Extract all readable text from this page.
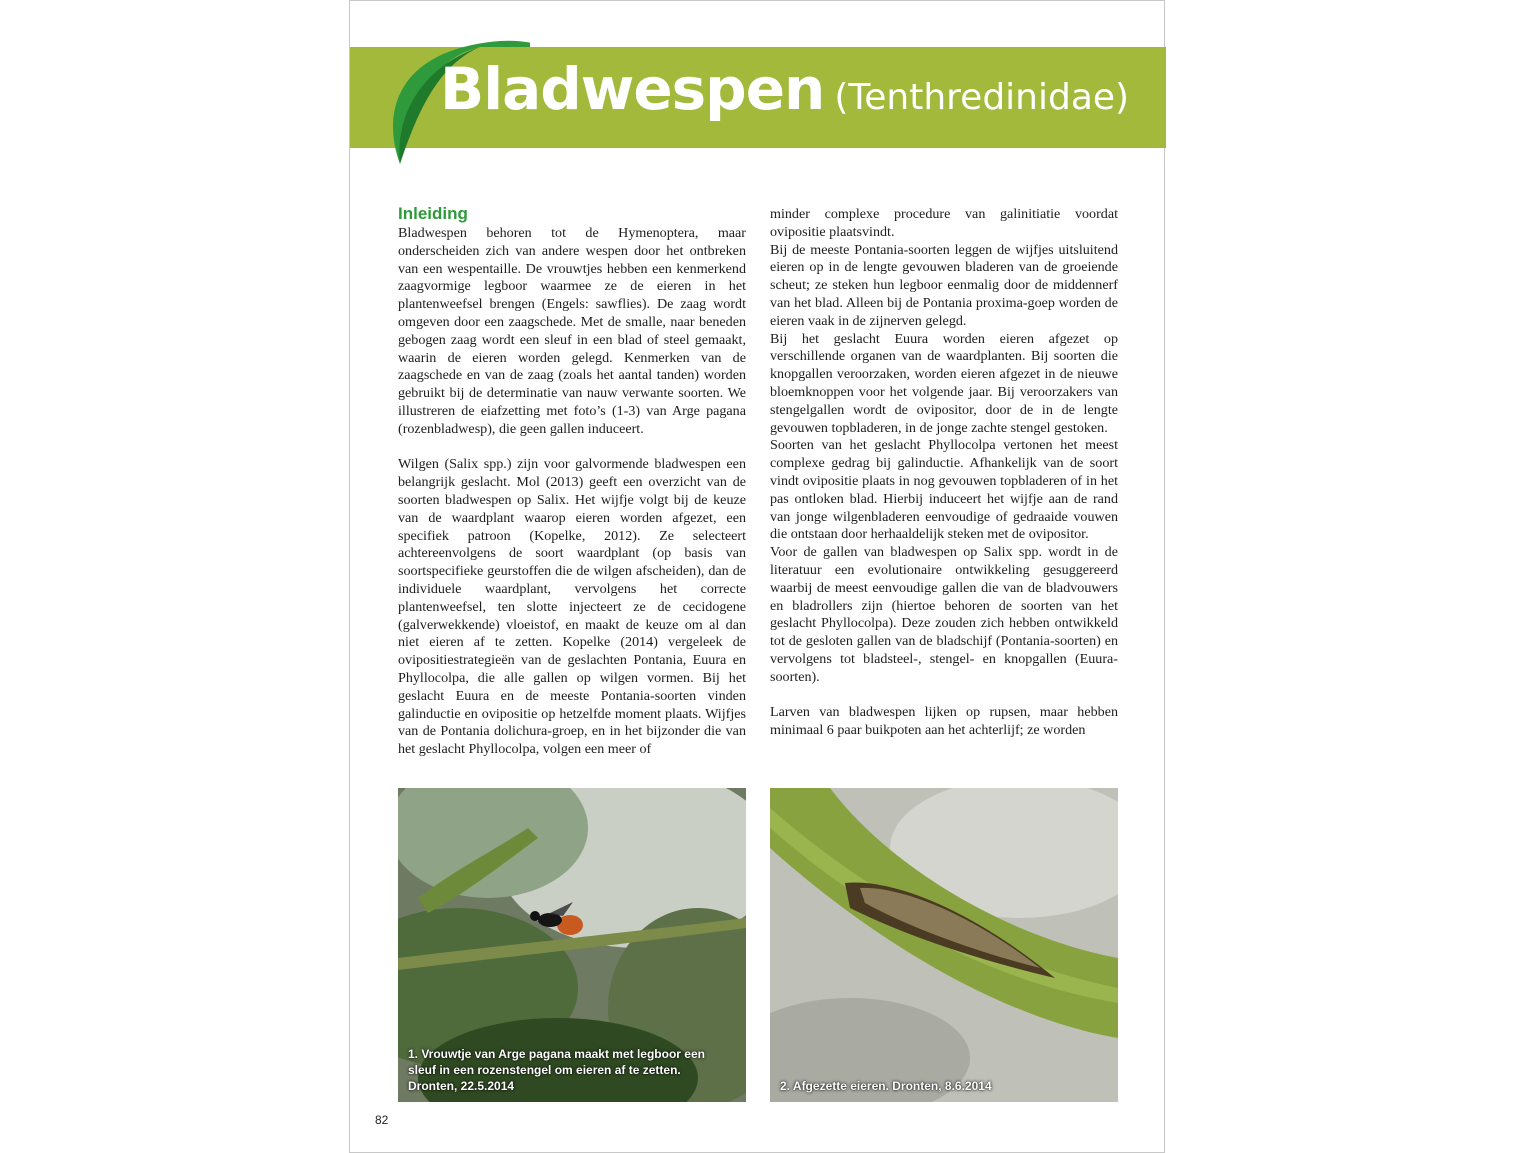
Bladwespen (Tenthredinidae)
Inleiding

Bladwespen behoren tot de Hymenoptera, maar onderscheiden zich van andere wespen door het ontbreken van een wespentaille. De vrouwtjes hebben een kenmerkend zaagvormige legboor waarmee ze de eieren in het plantenweefsel brengen (Engels: sawflies). De zaag wordt omgeven door een zaagschede. Met de smalle, naar beneden gebogen zaag wordt een sleuf in een blad of steel gemaakt, waarin de eieren worden gelegd. Kenmerken van de zaagschede en van de zaag (zoals het aantal tanden) worden gebruikt bij de determinatie van nauw verwante soorten. We illustreren de eiafzetting met foto’s (1-3) van Arge pagana (rozenbladwesp), die geen gallen induceert.

Wilgen (Salix spp.) zijn voor galvormende bladwespen een belangrijk geslacht. Mol (2013) geeft een overzicht van de soorten bladwespen op Salix. Het wijfje volgt bij de keuze van de waardplant waarop eieren worden afgezet, een specifiek patroon (Kopelke, 2012). Ze selecteert achtereenvolgens de soort waardplant (op basis van soortspecifieke geurstoffen die de wilgen afscheiden), dan de individuele waardplant, vervolgens het correcte plantenweefsel, ten slotte injecteert ze de cecidogene (galverwekkende) vloeistof, en maakt de keuze om al dan niet eieren af te zetten. Kopelke (2014) vergeleek de ovipositiestrategieën van de geslachten Pontania, Euura en Phyllocolpa, die alle gallen op wilgen vormen. Bij het geslacht Euura en de meeste Pontania-soorten vinden galinductie en ovipositie op hetzelfde moment plaats. Wijfjes van de Pontania dolichura-groep, en in het bijzonder die van het geslacht Phyllocolpa, volgen een meer of

minder complexe procedure van galinitiatie voordat ovipositie plaatsvindt.

Bij de meeste Pontania-soorten leggen de wijfjes uitsluitend eieren op in de lengte gevouwen bladeren van de groeiende scheut; ze steken hun legboor eenmalig door de middennerf van het blad. Alleen bij de Pontania proxima-goep worden de eieren vaak in de zijnerven gelegd.

Bij het geslacht Euura worden eieren afgezet op verschillende organen van de waardplanten. Bij soorten die knopgallen veroorzaken, worden eieren afgezet in de nieuwe bloemknoppen voor het volgende jaar. Bij veroorzakers van stengelgallen wordt de ovipositor, door de in de lengte gevouwen topbladeren, in de jonge zachte stengel gestoken.

Soorten van het geslacht Phyllocolpa vertonen het meest complexe gedrag bij galinductie. Afhankelijk van de soort vindt ovipositie plaats in nog gevouwen topbladeren of in het pas ontloken blad. Hierbij induceert het wijfje aan de rand van jonge wilgenbladeren eenvoudige of gedraaide vouwen die ontstaan door herhaaldelijk steken met de ovipositor.

Voor de gallen van bladwespen op Salix spp. wordt in de literatuur een evolutionaire ontwikkeling gesuggereerd waarbij de meest eenvoudige gallen die van de bladvouwers en bladrollers zijn (hiertoe behoren de soorten van het geslacht Phyllocolpa). Deze zouden zich hebben ontwikkeld tot de gesloten gallen van de bladschijf (Pontania-soorten) en vervolgens tot bladsteel-, stengel- en knopgallen (Euura-soorten).

Larven van bladwespen lijken op rupsen, maar hebben minimaal 6 paar buikpoten aan het achterlijf; ze worden

1. Vrouwtje van Arge pagana maakt met legboor een sleuf in een rozenstengel om eieren af te zetten. Dronten, 22.5.2014	2. Afgezette eieren. Dronten, 8.6.2014
82
